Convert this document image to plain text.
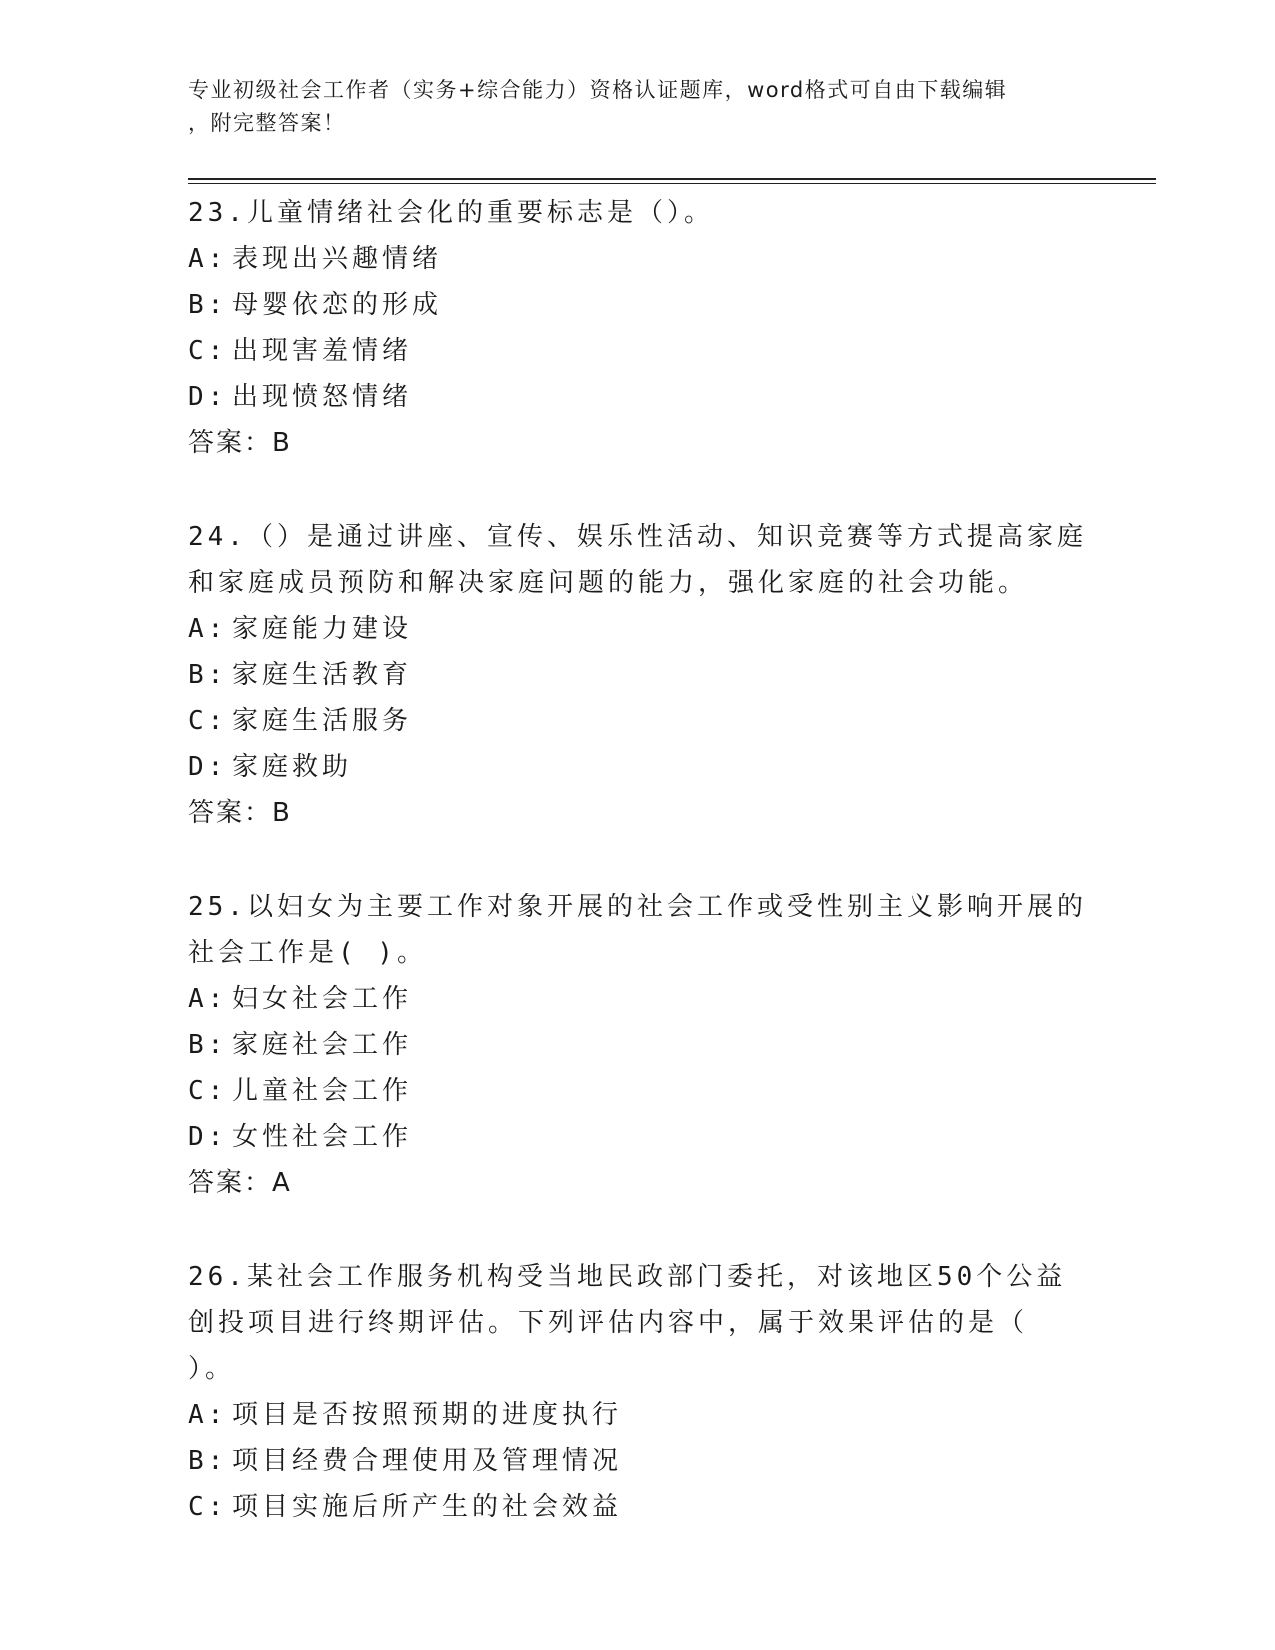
专业初级社会工作者（实务+综合能力）资格认证题库，word格式可自由下载编辑
，附完整答案！

23.儿童情绪社会化的重要标志是（）。

A: 表现出兴趣情绪

B: 母婴依恋的形成

C: 出现害羞情绪

D: 出现愤怒情绪

答案：B

24.（）是通过讲座、宣传、娱乐性活动、知识竞赛等方式提高家庭和家庭成员预防和解决家庭问题的能力，强化家庭的社会功能。

A: 家庭能力建设

B: 家庭生活教育

C: 家庭生活服务

D: 家庭救助

答案：B

25.以妇女为主要工作对象开展的社会工作或受性别主义影响开展的社会工作是( )。

A: 妇女社会工作

B: 家庭社会工作

C: 儿童社会工作

D: 女性社会工作

答案：A

26.某社会工作服务机构受当地民政部门委托，对该地区50个公益创投项目进行终期评估。下列评估内容中，属于效果评估的是（ ）。

A: 项目是否按照预期的进度执行

B: 项目经费合理使用及管理情况

C: 项目实施后所产生的社会效益
